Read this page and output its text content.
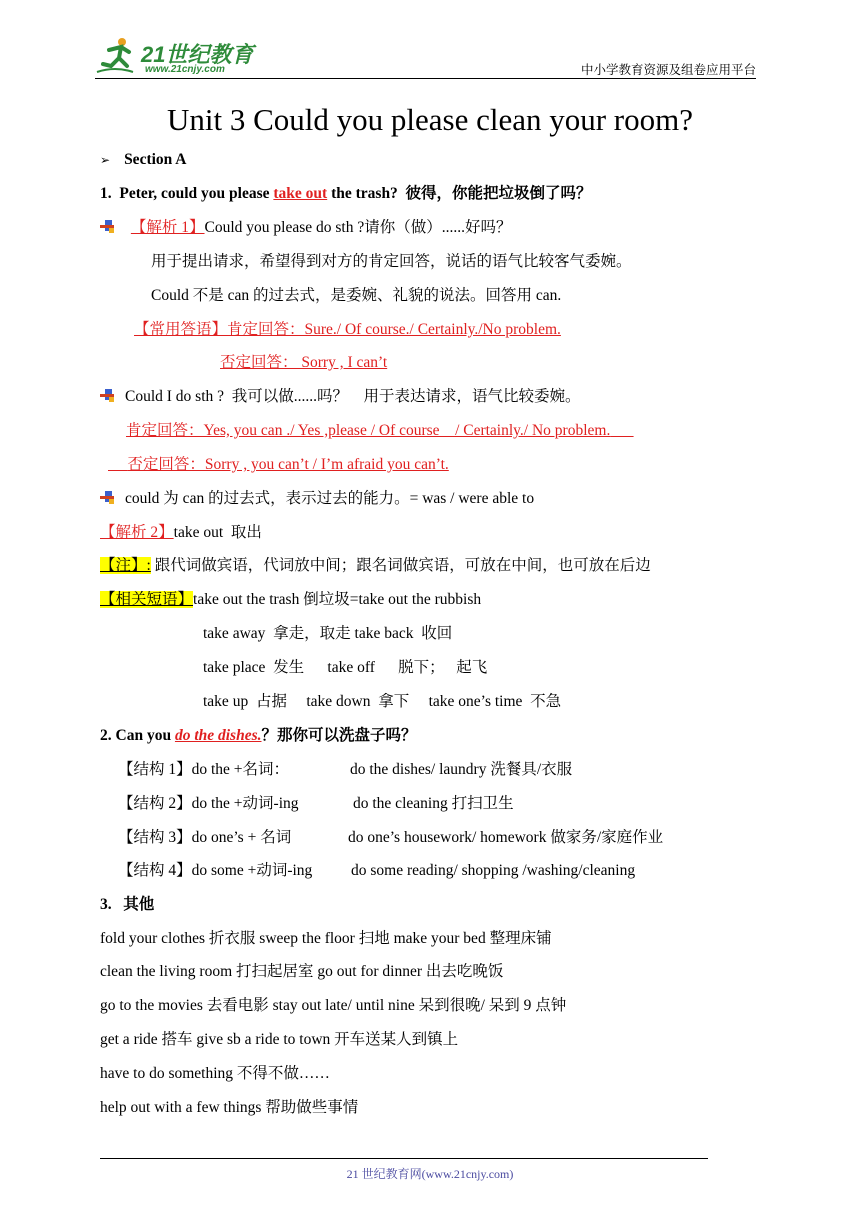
21世纪教育
www.21cnjy.com	中小学教育资源及组卷应用平台
Unit 3 Could you please clean your room?
➢ Section A
1.  Peter, could you please take out the trash?  彼得，你能把垃圾倒了吗？
【解析 1】Could you please do sth ?请你（做）......好吗？
用于提出请求，希望得到对方的肯定回答，说话的语气比较客气委婉。
Could 不是 can 的过去式，是委婉、礼貌的说法。回答用 can.
【常用答语】肯定回答：Sure./ Of course./ Certainly./No problem.
否定回答： Sorry , I can’t
Could I do sth ?  我可以做......吗？    用于表达请求，语气比较委婉。
肯定回答：Yes, you can ./ Yes ,please / Of course    / Certainly./ No problem.
否定回答：Sorry , you can’t / I’m afraid you can’t.
could 为 can 的过去式，表示过去的能力。= was / were able to
【解析 2】take out  取出
【注】: 跟代词做宾语，代词放中间；跟名词做宾语，可放在中间，也可放在后边
【相关短语】take out the trash 倒垃圾=take out the rubbish
take away  拿走，取走 take back  收回
take place  发生      take off      脱下；   起飞
take up  占据     take down  拿下     take one’s time  不急
2. Can you do the dishes.？那你可以洗盘子吗？
【结构 1】do the +名词：	do the dishes/ laundry 洗餐具/衣服
【结构 2】do the +动词-ing	do the cleaning 打扫卫生
【结构 3】do one’s + 名词	do one’s housework/ homework 做家务/家庭作业
【结构 4】do some +动词-ing do some reading/ shopping /washing/cleaning
3.   其他
fold your clothes 折衣服 sweep the floor 扫地 make your bed 整理床铺
clean the living room 打扫起居室 go out for dinner 出去吃晚饭
go to the movies 去看电影 stay out late/ until nine 呆到很晚/ 呆到 9 点钟
get a ride 搭车 give sb a ride to town 开车送某人到镇上
have to do something 不得不做……
help out with a few things 帮助做些事情
21 世纪教育网(www.21cnjy.com)
